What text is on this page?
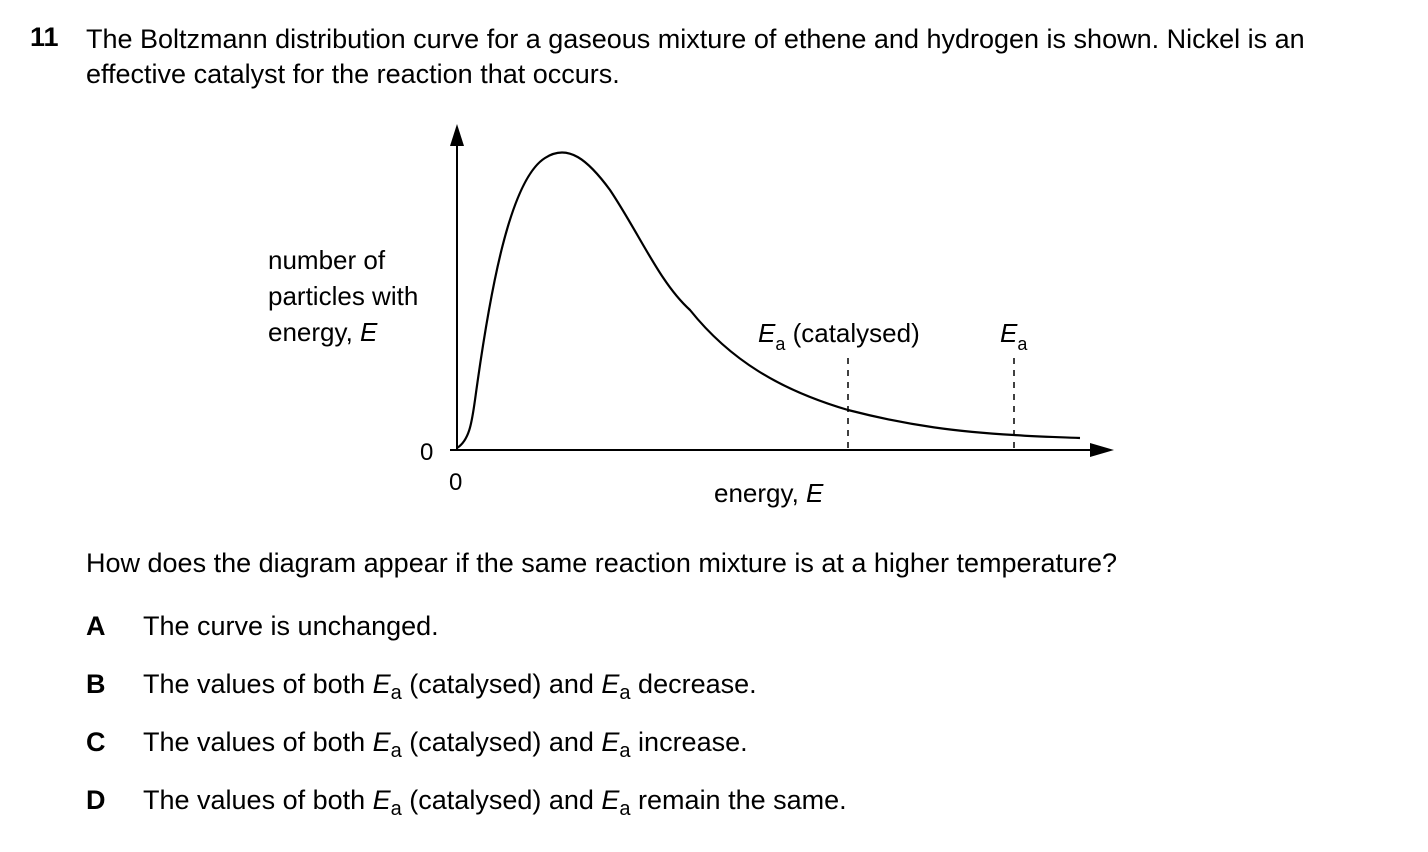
11 The Boltzmann distribution curve for a gaseous mixture of ethene and hydrogen is shown. Nickel is an effective catalyst for the reaction that occurs.
number of
particles with
energy, E
0
0	energy, E
$E_a$ (catalysed)	$E_a$
How does the diagram appear if the same reaction mixture is at a higher temperature?
A	The curve is unchanged.
B	The values of both $E_a$ (catalysed) and $E_a$ decrease.
C	The values of both $E_a$ (catalysed) and $E_a$ increase.
D	The values of both $E_a$ (catalysed) and $E_a$ remain the same.
